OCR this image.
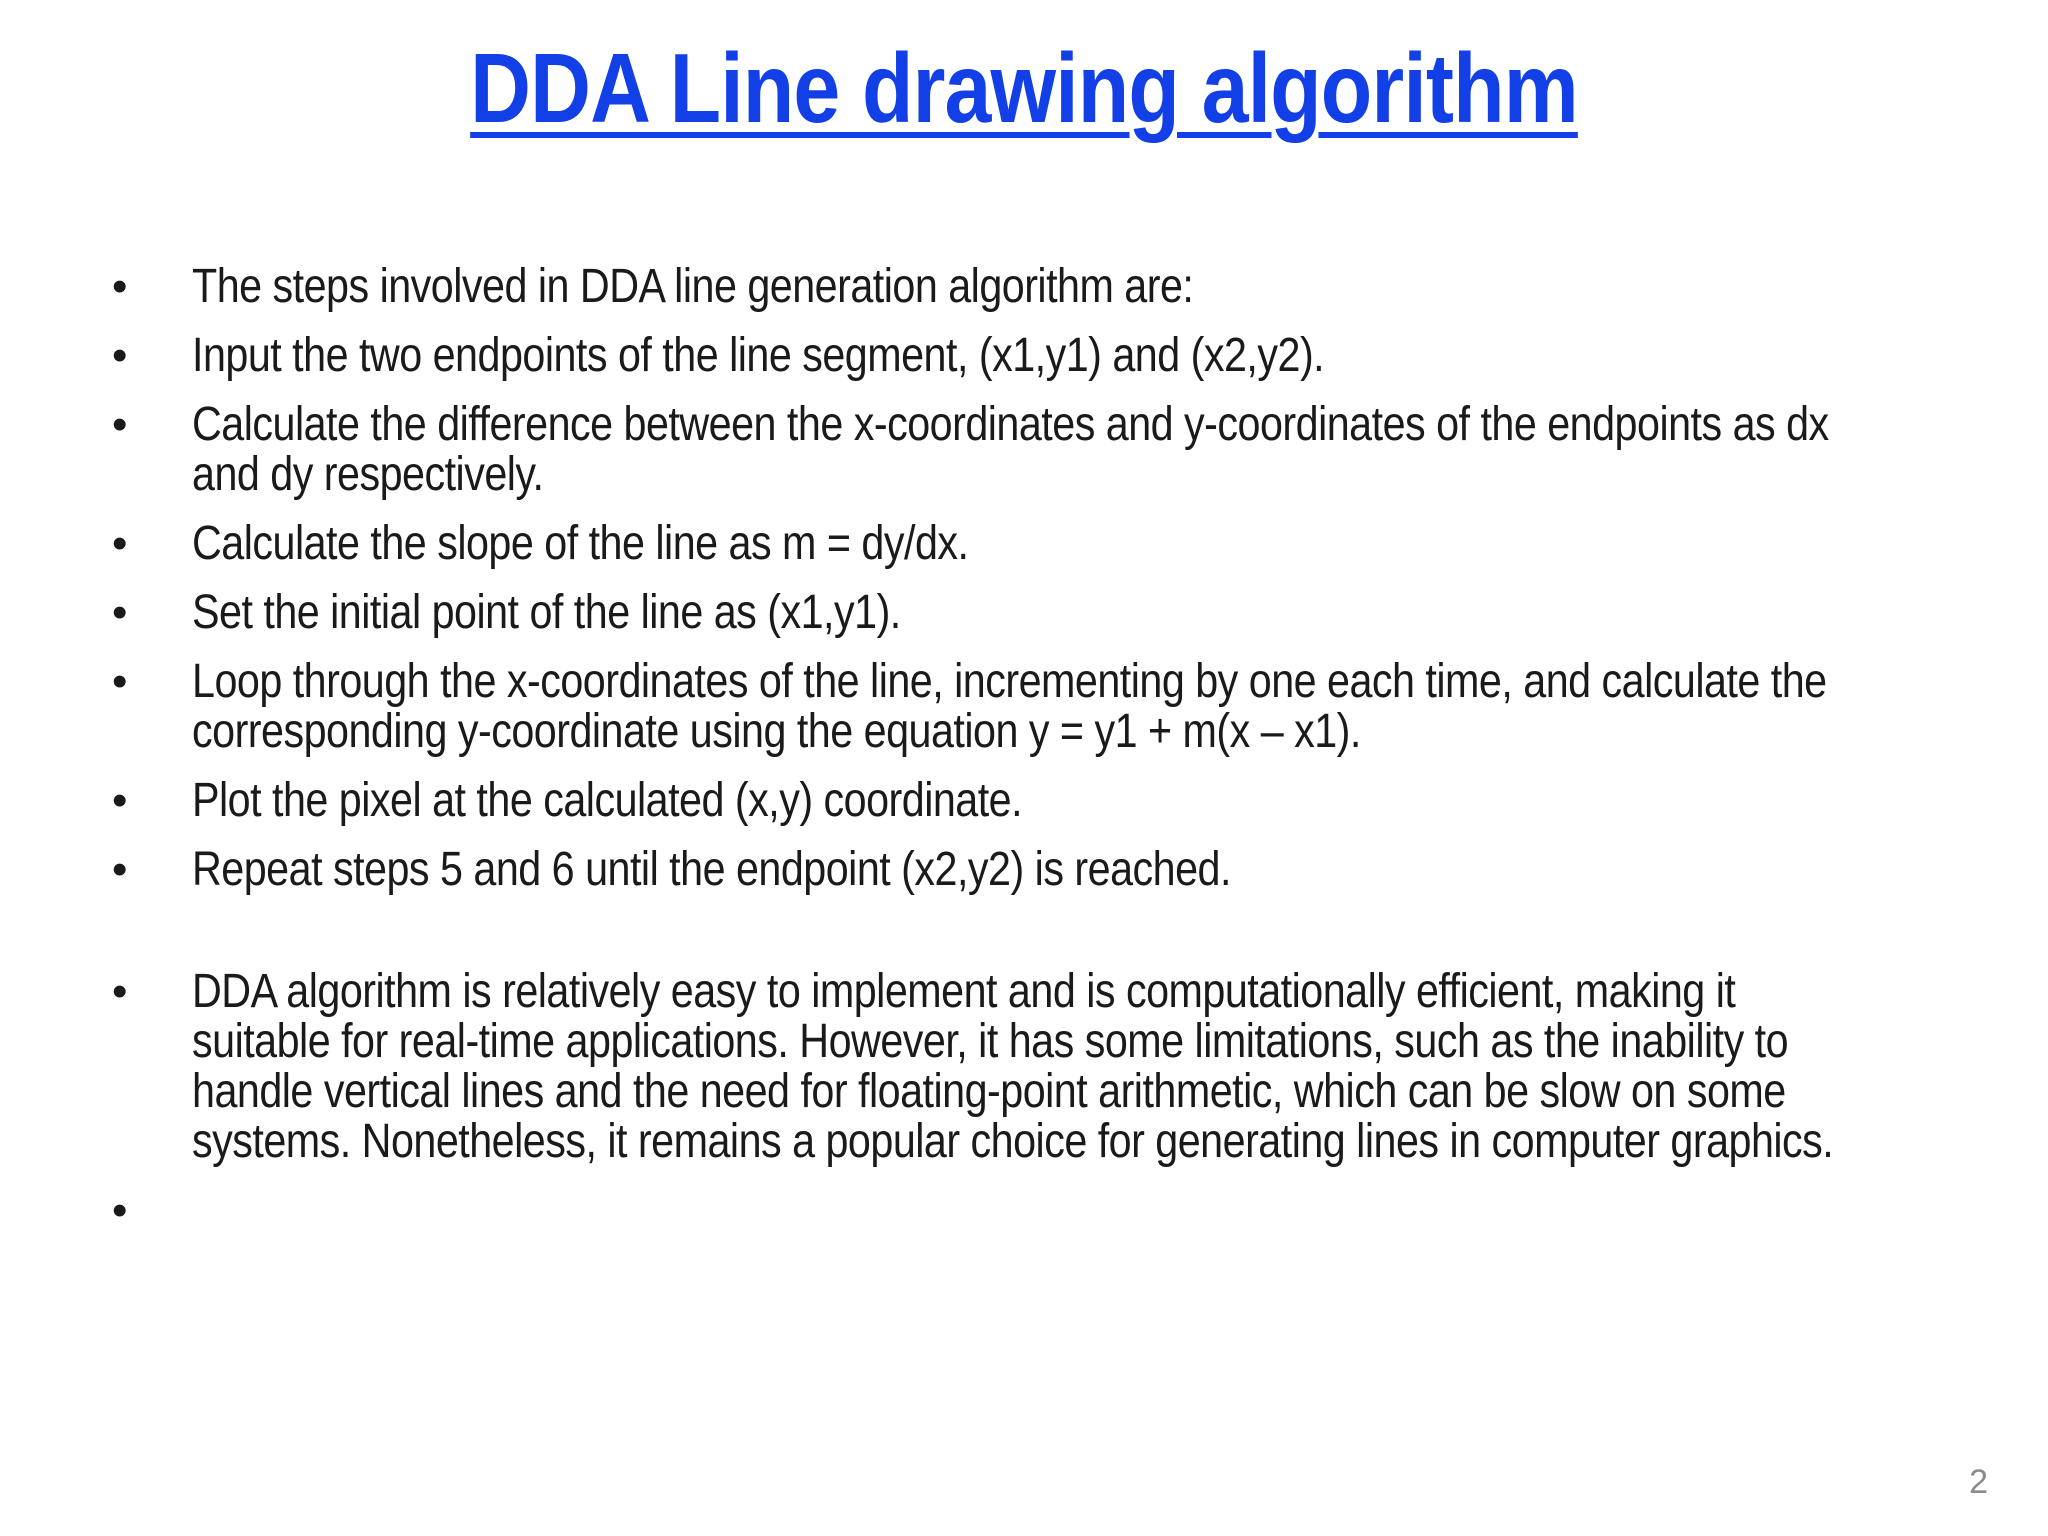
DDA Line drawing algorithm
• The steps involved in DDA line generation algorithm are:
• Input the two endpoints of the line segment, (x1,y1) and (x2,y2).
• Calculate the difference between the x-coordinates and y-coordinates of the endpoints as dx and dy respectively.
• Calculate the slope of the line as m = dy/dx.
• Set the initial point of the line as (x1,y1).
• Loop through the x-coordinates of the line, incrementing by one each time, and calculate the corresponding y-coordinate using the equation y = y1 + m(x – x1).
• Plot the pixel at the calculated (x,y) coordinate.
• Repeat steps 5 and 6 until the endpoint (x2,y2) is reached.
• DDA algorithm is relatively easy to implement and is computationally efficient, making it suitable for real-time applications. However, it has some limitations, such as the inability to handle vertical lines and the need for floating-point arithmetic, which can be slow on some systems. Nonetheless, it remains a popular choice for generating lines in computer graphics.
•
2
